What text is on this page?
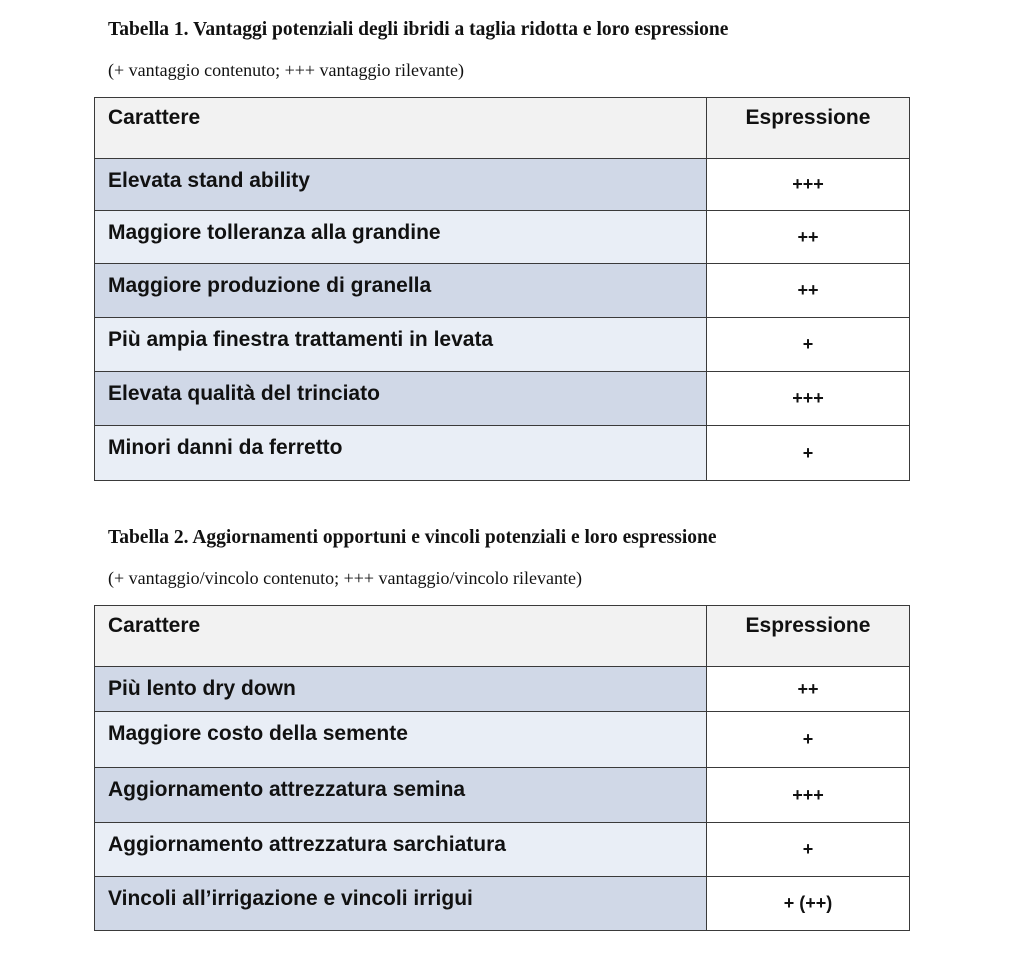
Tabella 1. Vantaggi potenziali degli ibridi a taglia ridotta e loro espressione
(+ vantaggio contenuto; +++ vantaggio rilevante)
Carattere	Espressione
Elevata stand ability	+++
Maggiore tolleranza alla grandine	++
Maggiore produzione di granella	++
Più ampia finestra trattamenti in levata	+
Elevata qualità del trinciato	+++
Minori danni da ferretto	+
Tabella 2. Aggiornamenti opportuni e vincoli potenziali e loro espressione
(+ vantaggio/vincolo contenuto; +++ vantaggio/vincolo rilevante)
Carattere	Espressione
Più lento dry down	++
Maggiore costo della semente	+
Aggiornamento attrezzatura semina	+++
Aggiornamento attrezzatura sarchiatura	+
Vincoli all’irrigazione e vincoli irrigui	+ (++)
